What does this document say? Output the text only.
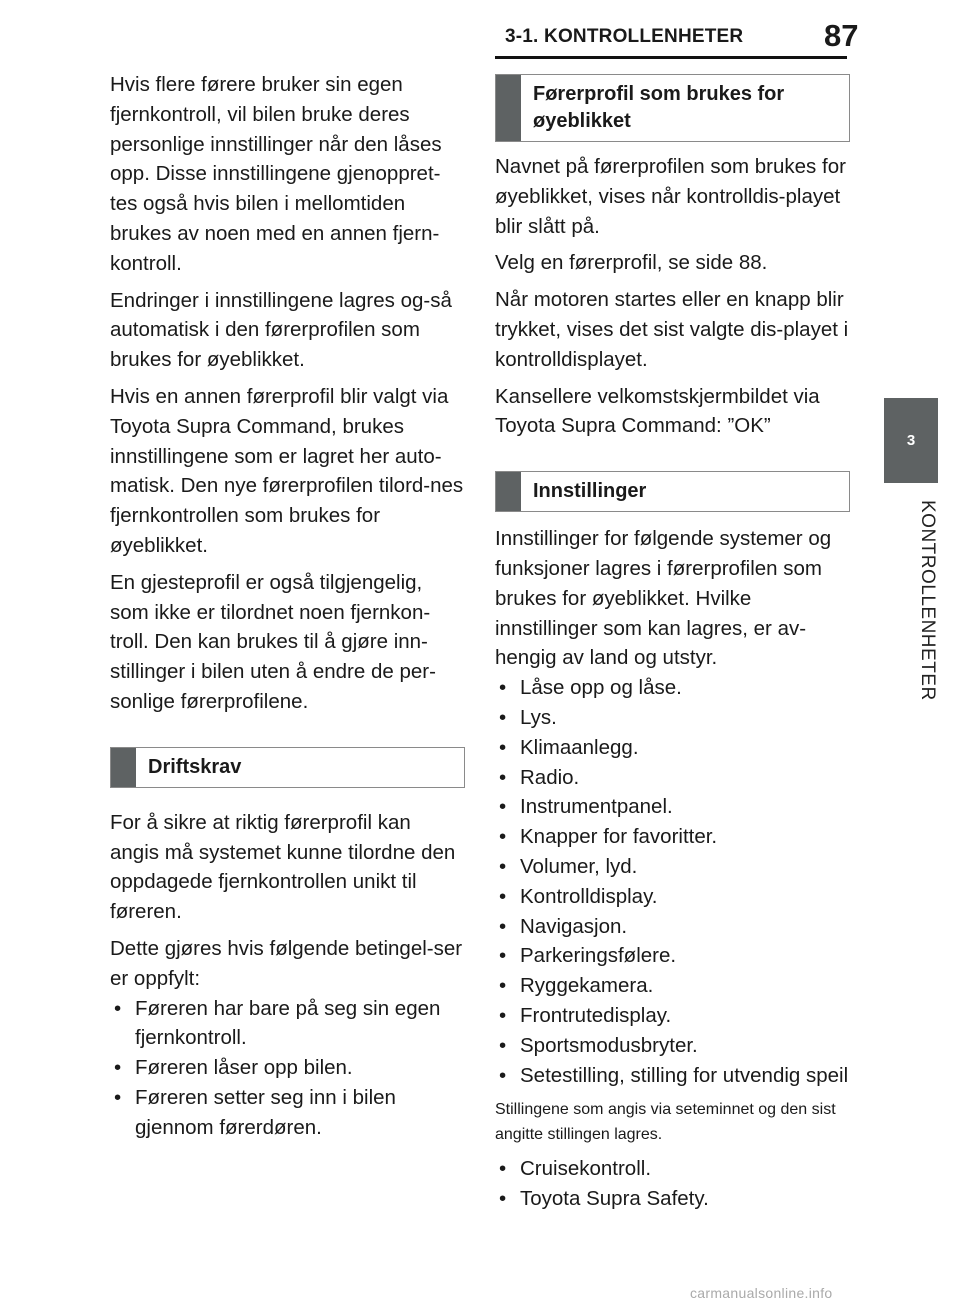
3-1. KONTROLLENHETER	87
3
KONTROLLENHETER

Hvis flere førere bruker sin egen fjernkontroll, vil bilen bruke deres personlige innstillinger når den låses opp. Disse innstillingene gjenoppret-tes også hvis bilen i mellomtiden brukes av noen med en annen fjern-kontroll.

Endringer i innstillingene lagres og-så automatisk i den førerprofilen som brukes for øyeblikket.

Hvis en annen førerprofil blir valgt via Toyota Supra Command, brukes innstillingene som er lagret her auto-matisk. Den nye førerprofilen tilord-nes fjernkontrollen som brukes for øyeblikket.

En gjesteprofil er også tilgjengelig, som ikke er tilordnet noen fjernkon-troll. Den kan brukes til å gjøre inn-stillinger i bilen uten å endre de per-sonlige førerprofilene.

Driftskrav

For å sikre at riktig førerprofil kan angis må systemet kunne tilordne den oppdagede fjernkontrollen unikt til føreren.

Dette gjøres hvis følgende betingel-ser er oppfylt:

• Føreren har bare på seg sin egen fjernkontroll.
• Føreren låser opp bilen.
• Føreren setter seg inn i bilen gjennom førerdøren.
Førerprofil som brukes for øyeblikket

Navnet på førerprofilen som brukes for øyeblikket, vises når kontrolldis-playet blir slått på.

Velg en førerprofil, se side 88.

Når motoren startes eller en knapp blir trykket, vises det sist valgte dis-playet i kontrolldisplayet.

Kansellere velkomstskjermbildet via Toyota Supra Command: ”OK”

Innstillinger

Innstillinger for følgende systemer og funksjoner lagres i førerprofilen som brukes for øyeblikket. Hvilke innstillinger som kan lagres, er av-hengig av land og utstyr.

• Låse opp og låse.
• Lys.
• Klimaanlegg.
• Radio.
• Instrumentpanel.
• Knapper for favoritter.
• Volumer, lyd.
• Kontrolldisplay.
• Navigasjon.
• Parkeringsfølere.
• Ryggekamera.
• Frontrutedisplay.
• Sportsmodusbryter.
• Setestilling, stilling for utvendig speil

Stillingene som angis via seteminnet og den sist angitte stillingen lagres.

• Cruisekontroll.
• Toyota Supra Safety.
carmanualsonline.info
